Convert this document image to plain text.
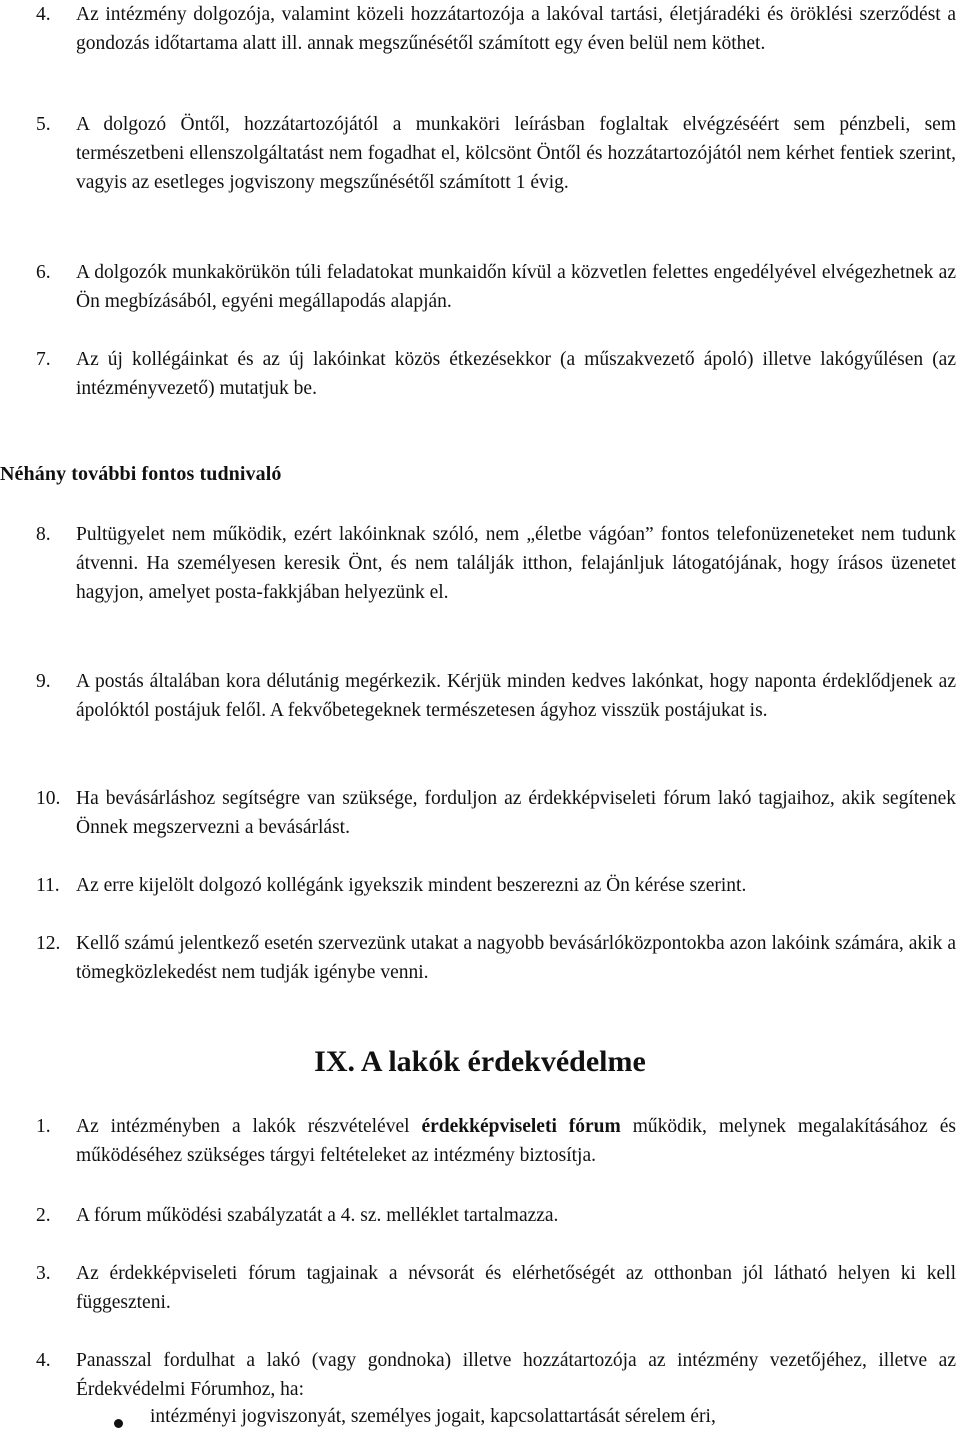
4. Az intézmény dolgozója, valamint közeli hozzátartozója a lakóval tartási, életjáradéki és öröklési szerződést a gondozás időtartama alatt ill. annak megszűnésétől számított egy éven belül nem köthet.
5. A dolgozó Öntől, hozzátartozójától a munkaköri leírásban foglaltak elvégzéséért sem pénzbeli, sem természetbeni ellenszolgáltatást nem fogadhat el, kölcsönt Öntől és hozzátartozójától nem kérhet fentiek szerint, vagyis az esetleges jogviszony megszűnésétől számított 1 évig.
6. A dolgozók munkakörükön túli feladatokat munkaidőn kívül a közvetlen felettes engedélyével elvégezhetnek az Ön megbízásából, egyéni megállapodás alapján.
7. Az új kollégáinkat és az új lakóinkat közös étkezésekkor (a műszakvezető ápoló) illetve lakógyűlésen (az intézményvezető) mutatjuk be.
Néhány további fontos tudnivaló
8. Pultügyelet nem működik, ezért lakóinknak szóló, nem „életbe vágóan” fontos telefonüzeneteket nem tudunk átvenni. Ha személyesen keresik Önt, és nem találják itthon, felajánljuk látogatójának, hogy írásos üzenetet hagyjon, amelyet posta-fakkjában helyezünk el.
9. A postás általában kora délutánig megérkezik. Kérjük minden kedves lakónkat, hogy naponta érdeklődjenek az ápolóktól postájuk felől. A fekvőbetegeknek természetesen ágyhoz visszük postájukat is.
10. Ha bevásárláshoz segítségre van szüksége, forduljon az érdekképviseleti fórum lakó tagjaihoz, akik segítenek Önnek megszervezni a bevásárlást.
11. Az erre kijelölt dolgozó kollégánk igyekszik mindent beszerezni az Ön kérése szerint.
12. Kellő számú jelentkező esetén szervezünk utakat a nagyobb bevásárlóközpontokba azon lakóink számára, akik a tömegközlekedést nem tudják igénybe venni.
IX. A lakók érdekvédelme
1. Az intézményben a lakók részvételével érdekképviseleti fórum működik, melynek megalakításához és működéséhez szükséges tárgyi feltételeket az intézmény biztosítja.
2. A fórum működési szabályzatát a 4. sz. melléklet tartalmazza.
3. Az érdekképviseleti fórum tagjainak a névsorát és elérhetőségét az otthonban jól látható helyen ki kell függeszteni.
4. Panasszal fordulhat a lakó (vagy gondnoka) illetve hozzátartozója az intézmény vezetőjéhez, illetve az Érdekvédelmi Fórumhoz, ha:
intézményi jogviszonyát, személyes jogait, kapcsolattartását sérelem éri,
